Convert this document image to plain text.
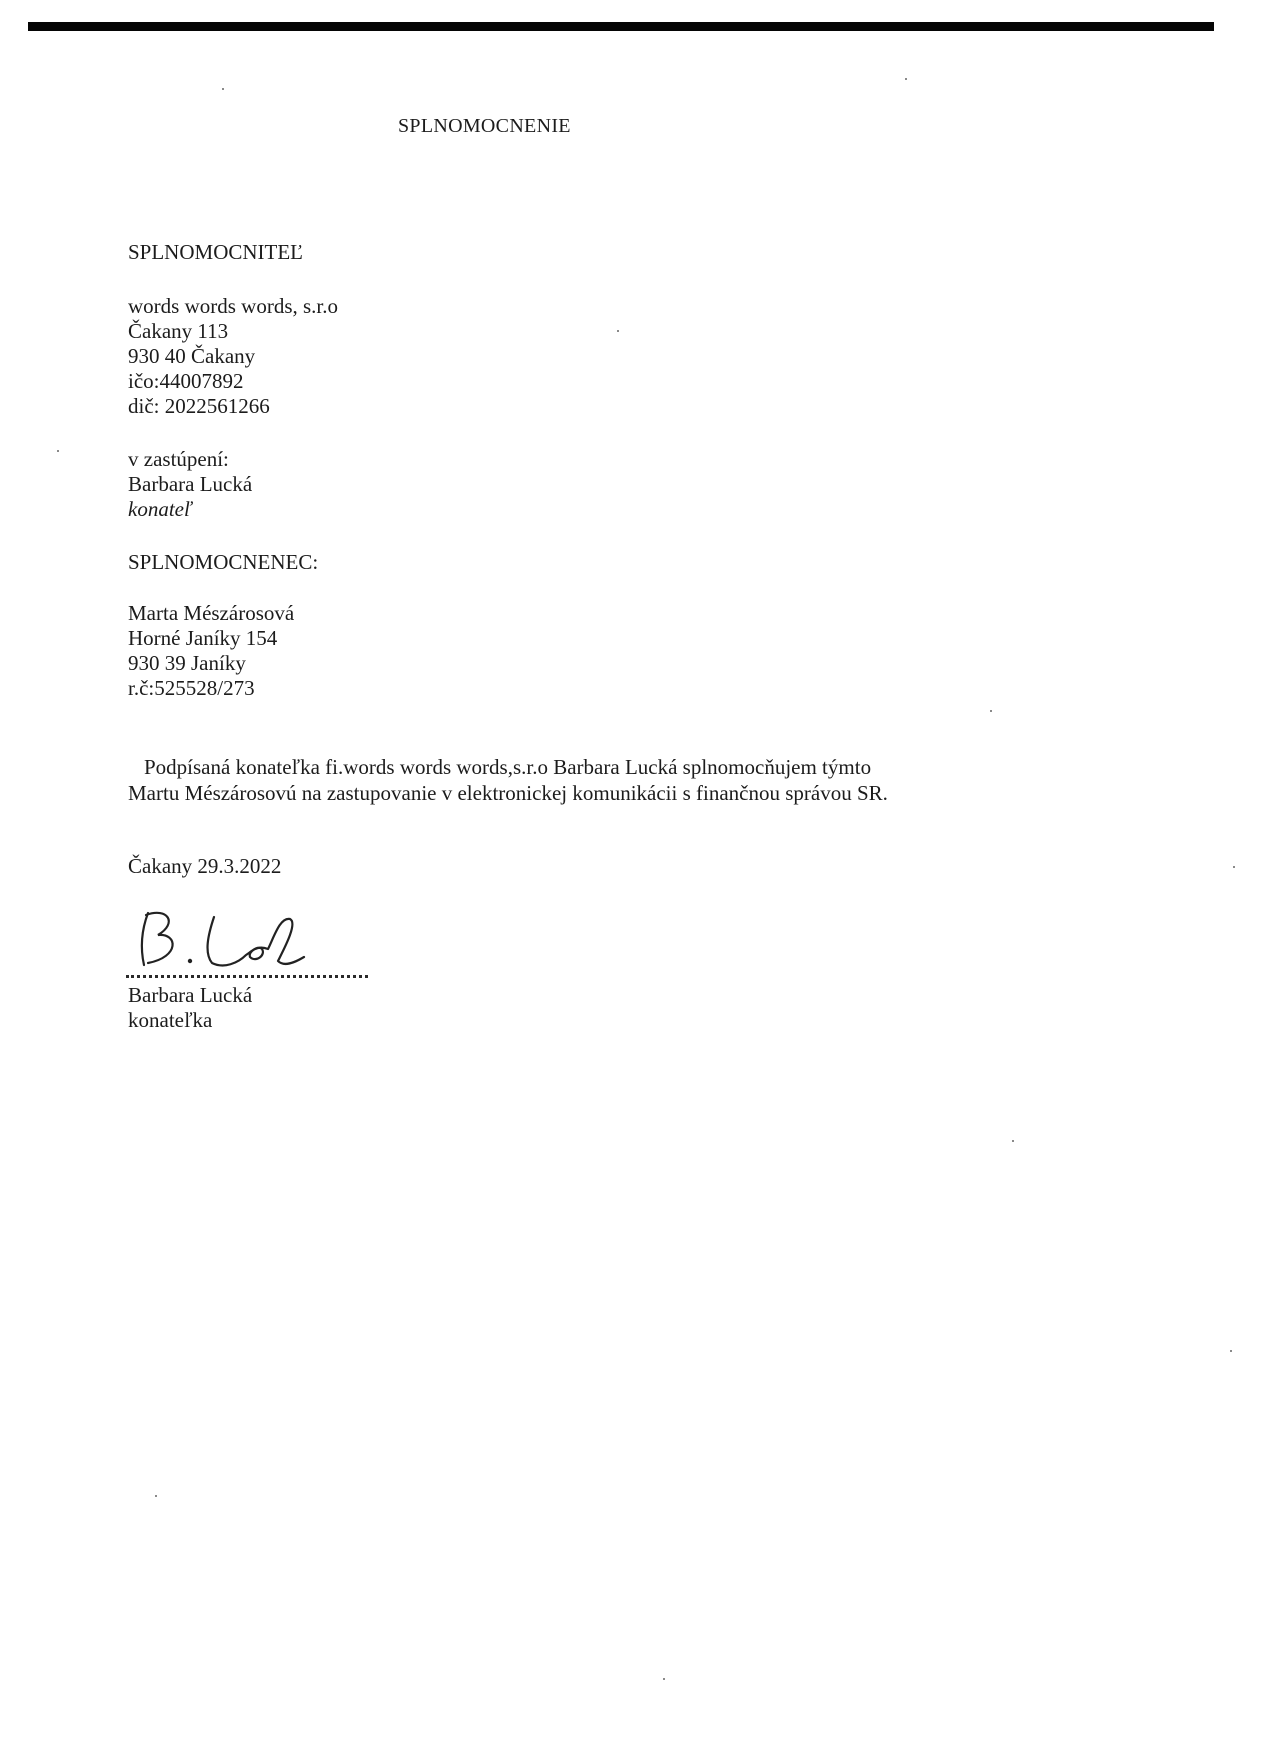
SPLNOMOCNENIE
SPLNOMOCNITEĽ
words words words, s.r.o
Čakany 113
930 40 Čakany
ičo:44007892
dič: 2022561266
v zastúpení:
Barbara Lucká
konateľ
SPLNOMOCNENEC:
Marta Mészárosová
Horné Janíky 154
930 39 Janíky
r.č:525528/273
Podpísaná konateľka fi.words words words,s.r.o Barbara Lucká splnomocňujem týmto
Martu Mészárosovú na zastupovanie v elektronickej komunikácii s finančnou správou SR.
Čakany 29.3.2022
Barbara Lucká
konateľka
